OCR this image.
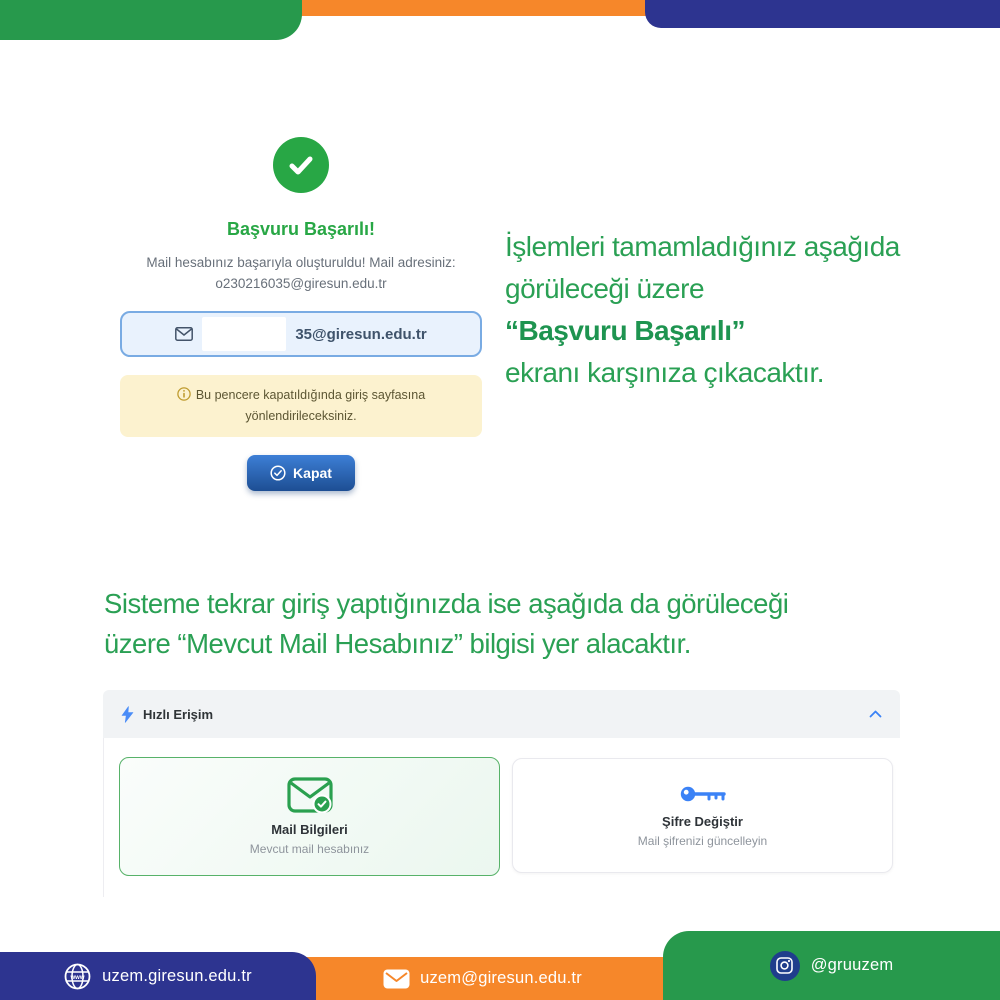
Başvuru Başarılı!
Mail hesabınız başarıyla oluşturuldu! Mail adresiniz:
o230216035@giresun.edu.tr
35@giresun.edu.tr
Bu pencere kapatıldığında giriş sayfasına
yönlendirileceksiniz.
Kapat
İşlemleri tamamladığınız aşağıda
görüleceği üzere
“Başvuru Başarılı”
ekranı karşınıza çıkacaktır.
Sisteme tekrar giriş yaptığınızda ise aşağıda da görüleceği
üzere “Mevcut Mail Hesabınız” bilgisi yer alacaktır.
Hızlı Erişim
Mail Bilgileri
Mevcut mail hesabınız
Şifre Değiştir
Mail şifrenizi güncelleyin
uzem@giresun.edu.tr
www uzem.giresun.edu.tr
@gruuzem
